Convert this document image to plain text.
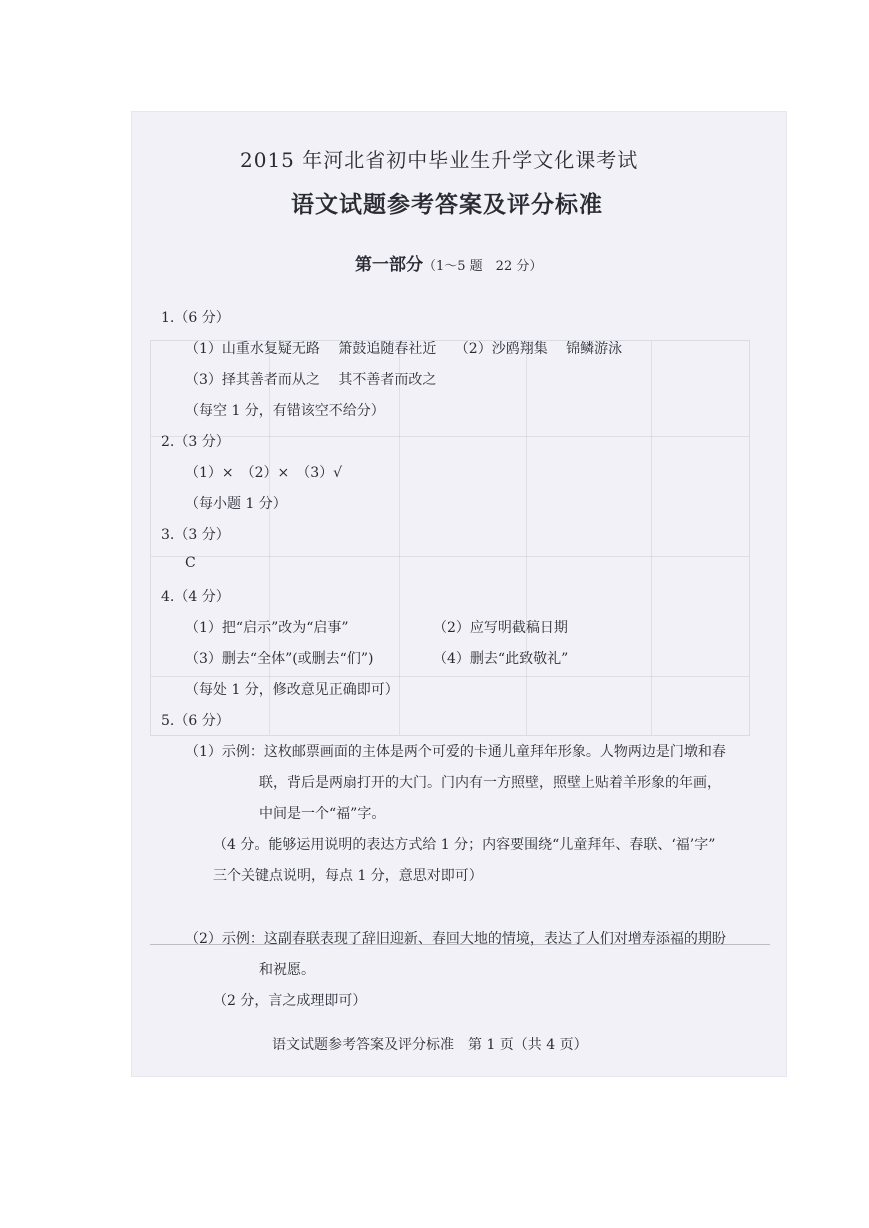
2015 年河北省初中毕业生升学文化课考试
语文试题参考答案及评分标准
第一部分（1～5 题　22 分）
1.（6 分）
（1）山重水复疑无路　 箫鼓追随春社近　 （2）沙鸥翔集　 锦鳞游泳
（3）择其善者而从之　 其不善者而改之
（每空 1 分，有错该空不给分）
2.（3 分）
（1）×　（2）×　（3）√
（每小题 1 分）
3.（3 分）
C
4.（4 分）
（1）把“启示”改为“启事”	（2）应写明截稿日期
（3）删去“全体”(或删去“们”)	（4）删去“此致敬礼”
（每处 1 分，修改意见正确即可）
5.（6 分）
（1）示例：这枚邮票画面的主体是两个可爱的卡通儿童拜年形象。人物两边是门墩和春
联，背后是两扇打开的大门。门内有一方照壁，照壁上贴着羊形象的年画，
中间是一个“福”字。
（4 分。能够运用说明的表达方式给 1 分；内容要围绕“儿童拜年、春联、‘福’字”
三个关键点说明，每点 1 分，意思对即可）
（2）示例：这副春联表现了辞旧迎新、春回大地的情境，表达了人们对增寿添福的期盼
和祝愿。
（2 分，言之成理即可）
语文试题参考答案及评分标准　第 1 页（共 4 页）
